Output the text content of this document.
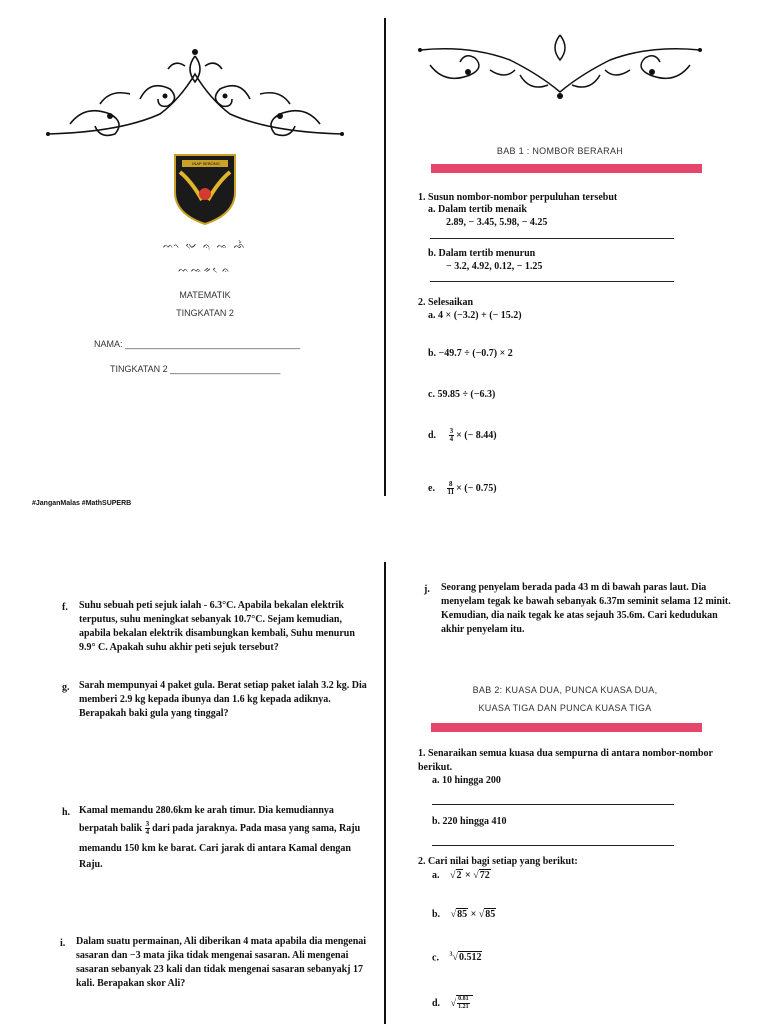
INAP SEBONG
ᨓᨚ ᨆᨙ ᨊᨘ ᨕ ᨒᨛ
ᨓᨕᨀ ᨙᨊ
MATEMATIK
TINGKATAN 2
NAMA: ___________________________________
TINGKATAN 2 ______________________
#JanganMalas #MathSUPERB
BAB 1 : NOMBOR BERARAH
1. Susun nombor-nombor perpuluhan tersebut
a. Dalam tertib menaik
2.89, − 3.45, 5.98, − 4.25
b. Dalam tertib menurun
− 3.2, 4.92, 0.12, − 1.25
2. Selesaikan
a. 4 × (−3.2) + (− 15.2)
b. −49.7 ÷ (−0.7) × 2
c. 59.85 ÷ (−6.3)
d. $\frac{3}{4}$ × (− 8.44)
e. $\frac{8}{11}$ × (− 0.75)
f. Suhu sebuah peti sejuk ialah - 6.3°C. Apabila bekalan elektrik terputus, suhu meningkat sebanyak 10.7°C. Sejam kemudian, apabila bekalan elektrik disambungkan kembali, Suhu menurun 9.9° C. Apakah suhu akhir peti sejuk tersebut?
g. Sarah mempunyai 4 paket gula. Berat setiap paket ialah 3.2 kg. Dia memberi 2.9 kg kepada ibunya dan 1.6 kg kepada adiknya. Berapakah baki gula yang tinggal?
h. Kamal memandu 280.6km ke arah timur. Dia kemudiannya
berpatah balik $\frac{3}{4}$ dari pada jaraknya. Pada masa yang sama, Raju
memandu 150 km ke barat. Cari jarak di antara Kamal dengan Raju.
i. Dalam suatu permainan, Ali diberikan 4 mata apabila dia mengenai sasaran dan −3 mata jika tidak mengenai sasaran. Ali mengenai sasaran sebanyak 23 kali dan tidak mengenai sasaran sebanyakj 17 kali. Berapakan skor Ali?
j. Seorang penyelam berada pada 43 m di bawah paras laut. Dia menyelam tegak ke bawah sebanyak 6.37m seminit selama 12 minit. Kemudian, dia naik tegak ke atas sejauh 35.6m. Cari kedudukan akhir penyelam itu.
BAB 2: KUASA DUA, PUNCA KUASA DUA,
KUASA TIGA DAN PUNCA KUASA TIGA
1. Senaraikan semua kuasa dua sempurna di antara nombor-nombor berikut.
a. 10 hingga 200
b. 220 hingga 410
2. Cari nilai bagi setiap yang berikut:
a. √2 × √72
b. √85 × √85
c. $^3$√0.512
d. √ $\frac{0.81}{1.21}$
